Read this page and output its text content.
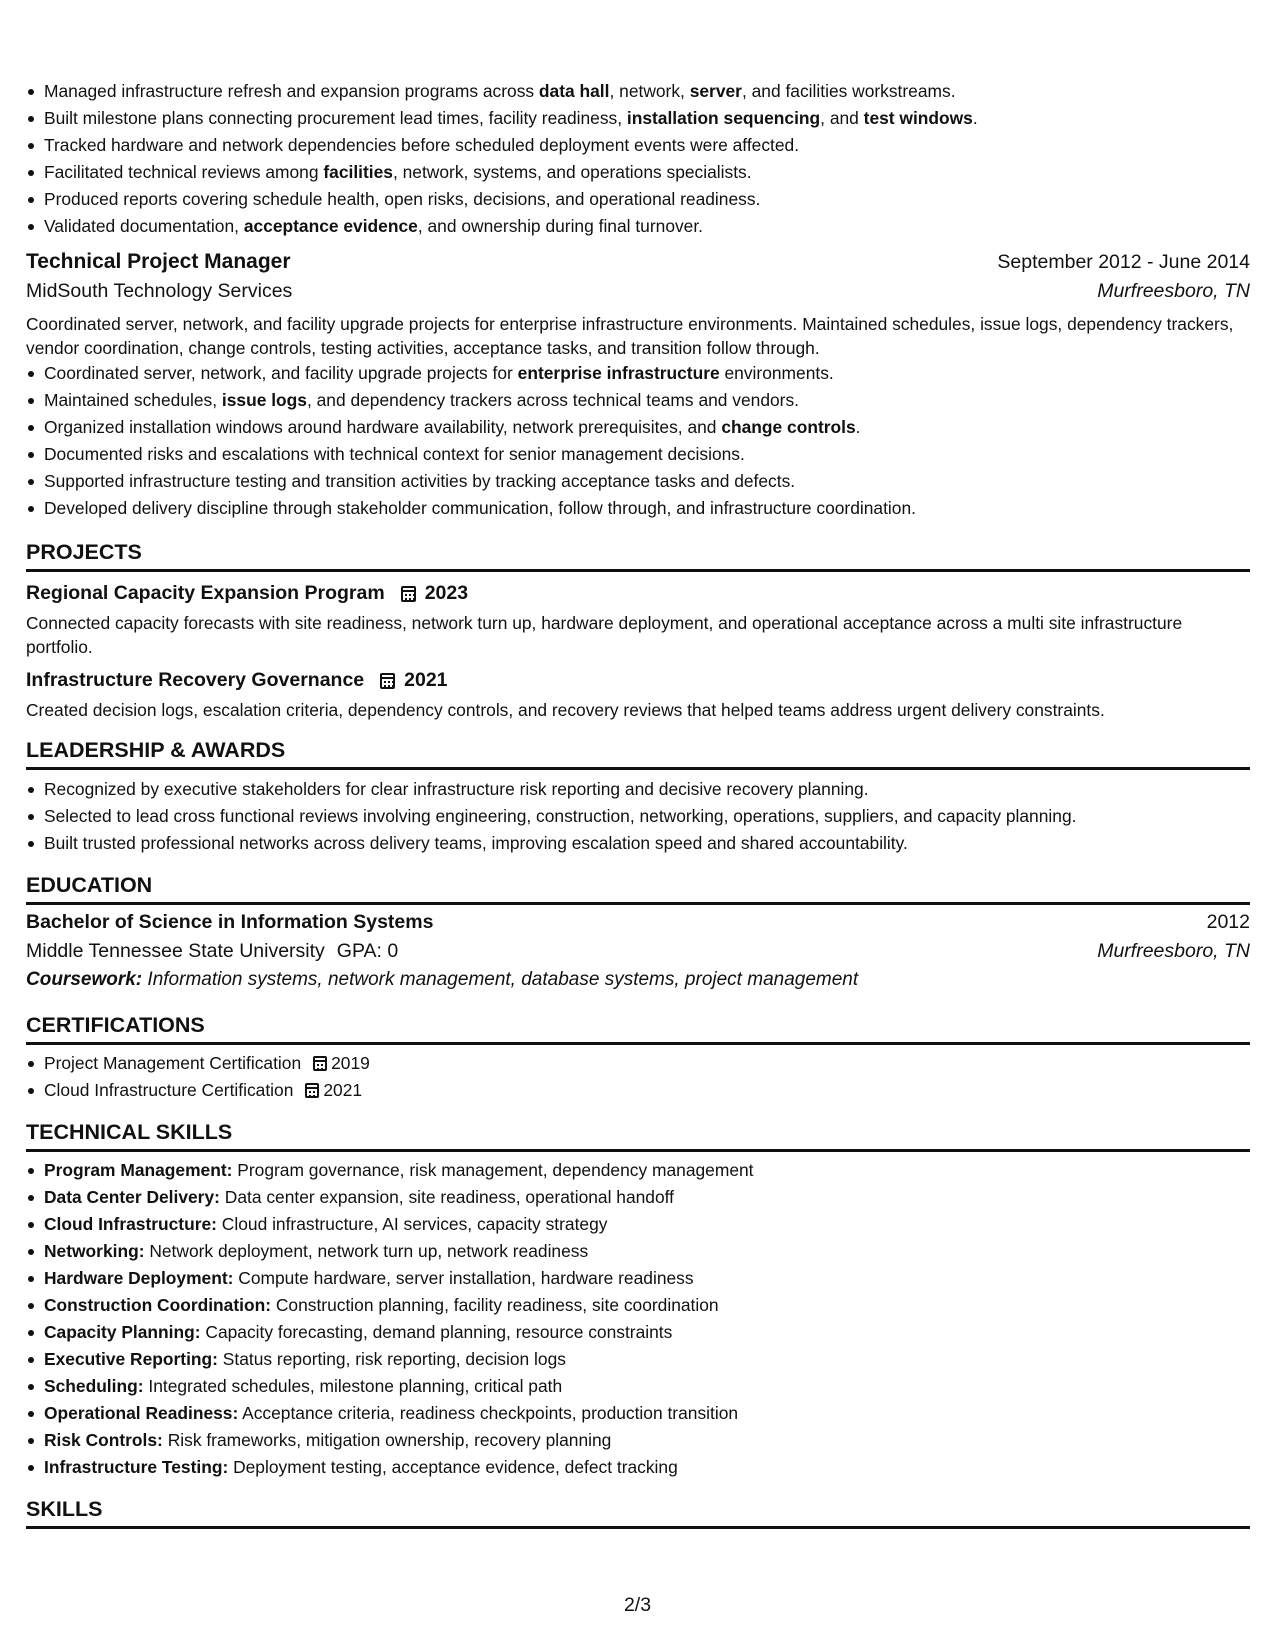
Managed infrastructure refresh and expansion programs across data hall, network, server, and facilities workstreams.
Built milestone plans connecting procurement lead times, facility readiness, installation sequencing, and test windows.
Tracked hardware and network dependencies before scheduled deployment events were affected.
Facilitated technical reviews among facilities, network, systems, and operations specialists.
Produced reports covering schedule health, open risks, decisions, and operational readiness.
Validated documentation, acceptance evidence, and ownership during final turnover.
Technical Project Manager	September 2012 - June 2014
MidSouth Technology Services	Murfreesboro, TN

Coordinated server, network, and facility upgrade projects for enterprise infrastructure environments. Maintained schedules, issue logs, dependency trackers, vendor coordination, change controls, testing activities, acceptance tasks, and transition follow through.

Coordinated server, network, and facility upgrade projects for enterprise infrastructure environments.
Maintained schedules, issue logs, and dependency trackers across technical teams and vendors.
Organized installation windows around hardware availability, network prerequisites, and change controls.
Documented risks and escalations with technical context for senior management decisions.
Supported infrastructure testing and transition activities by tracking acceptance tasks and defects.
Developed delivery discipline through stakeholder communication, follow through, and infrastructure coordination.
PROJECTS
Regional Capacity Expansion Program 2023

Connected capacity forecasts with site readiness, network turn up, hardware deployment, and operational acceptance across a multi site infrastructure portfolio.

Infrastructure Recovery Governance 2021

Created decision logs, escalation criteria, dependency controls, and recovery reviews that helped teams address urgent delivery constraints.

LEADERSHIP & AWARDS
Recognized by executive stakeholders for clear infrastructure risk reporting and decisive recovery planning.
Selected to lead cross functional reviews involving engineering, construction, networking, operations, suppliers, and capacity planning.
Built trusted professional networks across delivery teams, improving escalation speed and shared accountability.
EDUCATION
Bachelor of Science in Information Systems	2012
Middle Tennessee State University GPA: 0	Murfreesboro, TN
Coursework: Information systems, network management, database systems, project management
CERTIFICATIONS
Project Management Certification 2019
Cloud Infrastructure Certification 2021
TECHNICAL SKILLS
Program Management: Program governance, risk management, dependency management
Data Center Delivery: Data center expansion, site readiness, operational handoff
Cloud Infrastructure: Cloud infrastructure, AI services, capacity strategy
Networking: Network deployment, network turn up, network readiness
Hardware Deployment: Compute hardware, server installation, hardware readiness
Construction Coordination: Construction planning, facility readiness, site coordination
Capacity Planning: Capacity forecasting, demand planning, resource constraints
Executive Reporting: Status reporting, risk reporting, decision logs
Scheduling: Integrated schedules, milestone planning, critical path
Operational Readiness: Acceptance criteria, readiness checkpoints, production transition
Risk Controls: Risk frameworks, mitigation ownership, recovery planning
Infrastructure Testing: Deployment testing, acceptance evidence, defect tracking
SKILLS
2/3
